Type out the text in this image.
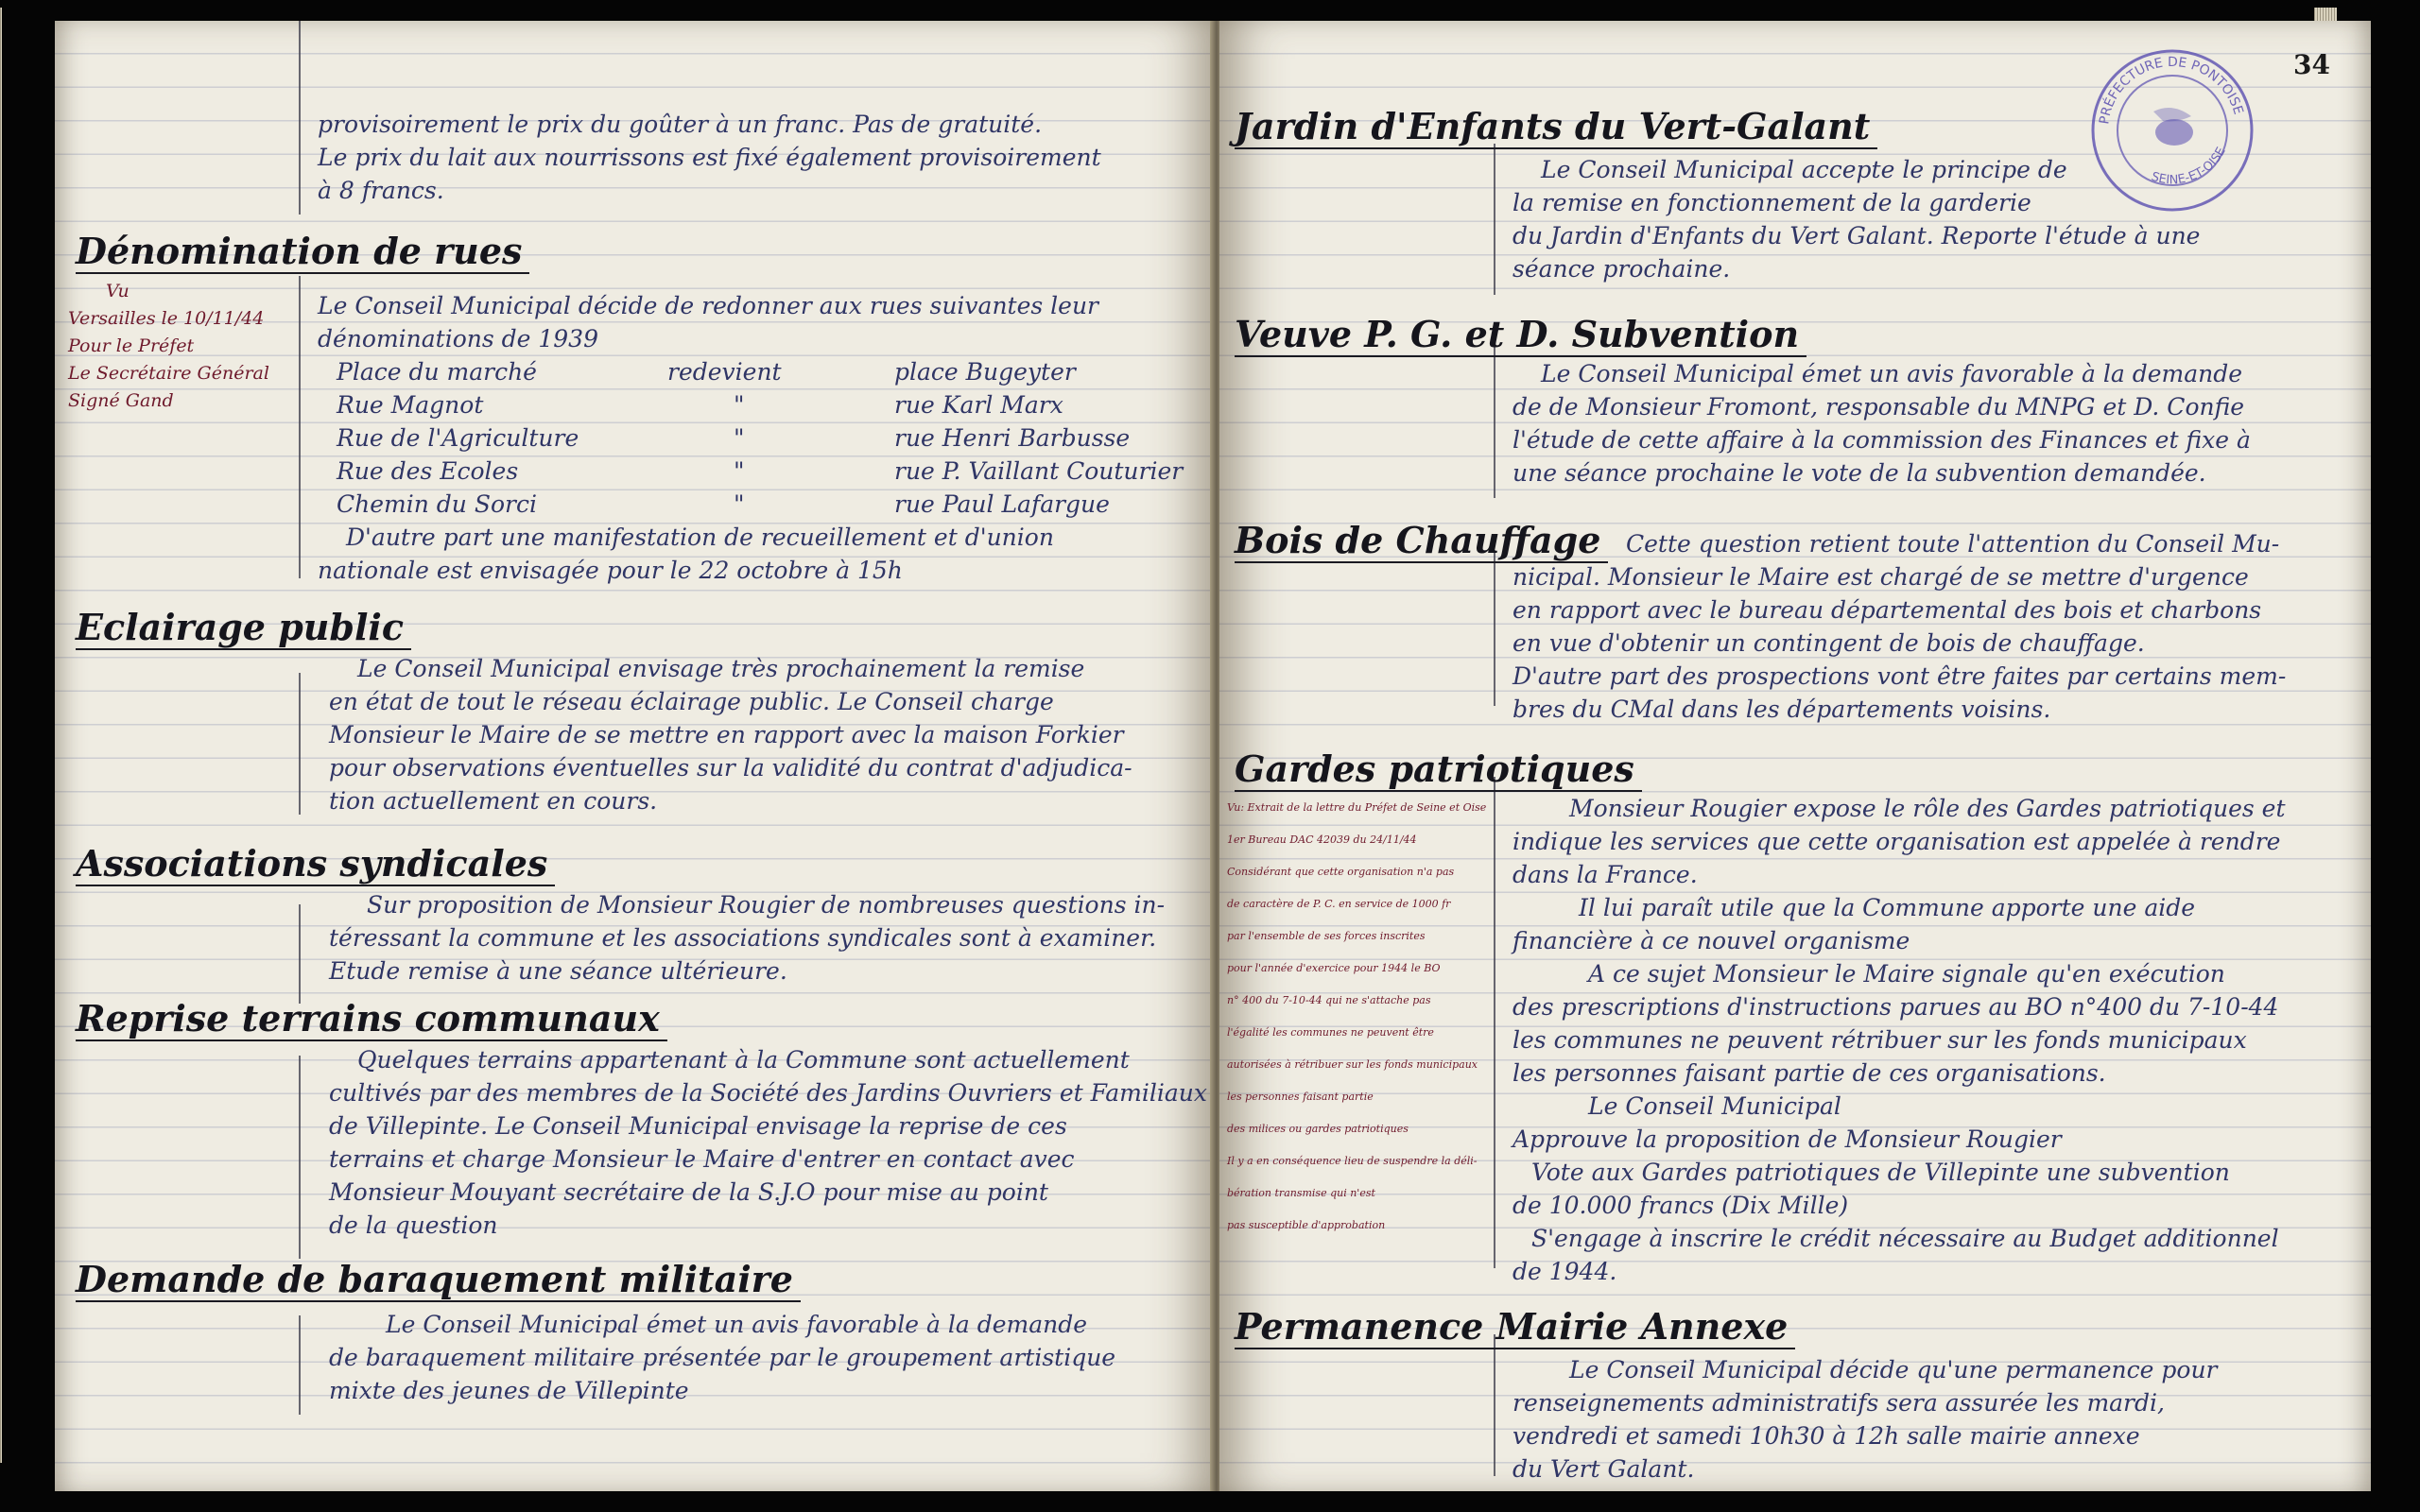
provisoirement le prix du goûter à un franc. Pas de gratuité.

Le prix du lait aux nourrissons est fixé également provisoirement

à 8 francs.

Dénomination de rues

Vu

Versailles le 10/11/44

Pour le Préfet

Le Secrétaire Général

Signé Gand

Le Conseil Municipal décide de redonner aux rues suivantes leur

dénominations de 1939

Place du marché	redevient	place Bugeyter
Rue Magnot	"	rue Karl Marx
Rue de l'Agriculture	"	rue Henri Barbusse
Rue des Ecoles	"	rue P. Vaillant Couturier
Chemin du Sorci	"	rue Paul Lafargue

D'autre part une manifestation de recueillement et d'union

nationale est envisagée pour le 22 octobre à 15h

Eclairage public

Le Conseil Municipal envisage très prochainement la remise

en état de tout le réseau éclairage public. Le Conseil charge

Monsieur le Maire de se mettre en rapport avec la maison Forkier

pour observations éventuelles sur la validité du contrat d'adjudica-

tion actuellement en cours.

Associations syndicales

Sur proposition de Monsieur Rougier de nombreuses questions in-

téressant la commune et les associations syndicales sont à examiner.

Etude remise à une séance ultérieure.

Reprise terrains communaux

Quelques terrains appartenant à la Commune sont actuellement

cultivés par des membres de la Société des Jardins Ouvriers et Familiaux

de Villepinte. Le Conseil Municipal envisage la reprise de ces

terrains et charge Monsieur le Maire d'entrer en contact avec

Monsieur Mouyant secrétaire de la S.J.O pour mise au point

de la question

Demande de baraquement militaire

Le Conseil Municipal émet un avis favorable à la demande

de baraquement militaire présentée par le groupement artistique

mixte des jeunes de Villepinte

Jardin d'Enfants du Vert-Galant

Le Conseil Municipal accepte le principe de

la remise en fonctionnement de la garderie

du Jardin d'Enfants du Vert Galant. Reporte l'étude à une

séance prochaine.

Veuve P. G. et D. Subvention

Le Conseil Municipal émet un avis favorable à la demande

de de Monsieur Fromont, responsable du MNPG et D. Confie

l'étude de cette affaire à la commission des Finances et fixe à

une séance prochaine le vote de la subvention demandée.

Bois de Chauffage	Cette question retient toute l'attention du Conseil Mu-

nicipal. Monsieur le Maire est chargé de se mettre d'urgence

en rapport avec le bureau départemental des bois et charbons

en vue d'obtenir un contingent de bois de chauffage.

D'autre part des prospections vont être faites par certains mem-

bres du CMal dans les départements voisins.

Gardes patriotiques

Vu: Extrait de la lettre du Préfet de Seine et Oise

1er Bureau DAC 42039 du 24/11/44

Considérant que cette organisation n'a pas

de caractère de P. C. en service de 1000 fr

par l'ensemble de ses forces inscrites

pour l'année d'exercice pour 1944 le BO

n° 400 du 7-10-44 qui ne s'attache pas

l'égalité les communes ne peuvent être

autorisées à rétribuer sur les fonds municipaux

les personnes faisant partie

des milices ou gardes patriotiques

Il y a en conséquence lieu de suspendre la déli-

bération transmise qui n'est

pas susceptible d'approbation

Monsieur Rougier expose le rôle des Gardes patriotiques et

indique les services que cette organisation est appelée à rendre

dans la France.

Il lui paraît utile que la Commune apporte une aide

financière à ce nouvel organisme

A ce sujet Monsieur le Maire signale qu'en exécution

des prescriptions d'instructions parues au BO n°400 du 7-10-44

les communes ne peuvent rétribuer sur les fonds municipaux

les personnes faisant partie de ces organisations.

Le Conseil Municipal

Approuve la proposition de Monsieur Rougier

Vote aux Gardes patriotiques de Villepinte une subvention

de 10.000 francs (Dix Mille)

S'engage à inscrire le crédit nécessaire au Budget additionnel

de 1944.

Permanence Mairie Annexe

Le Conseil Municipal décide qu'une permanence pour

renseignements administratifs sera assurée les mardi,

vendredi et samedi 10h30 à 12h salle mairie annexe

du Vert Galant.

34
PRÉFECTURE DE PONTOISE
SEINE-ET-OISE
